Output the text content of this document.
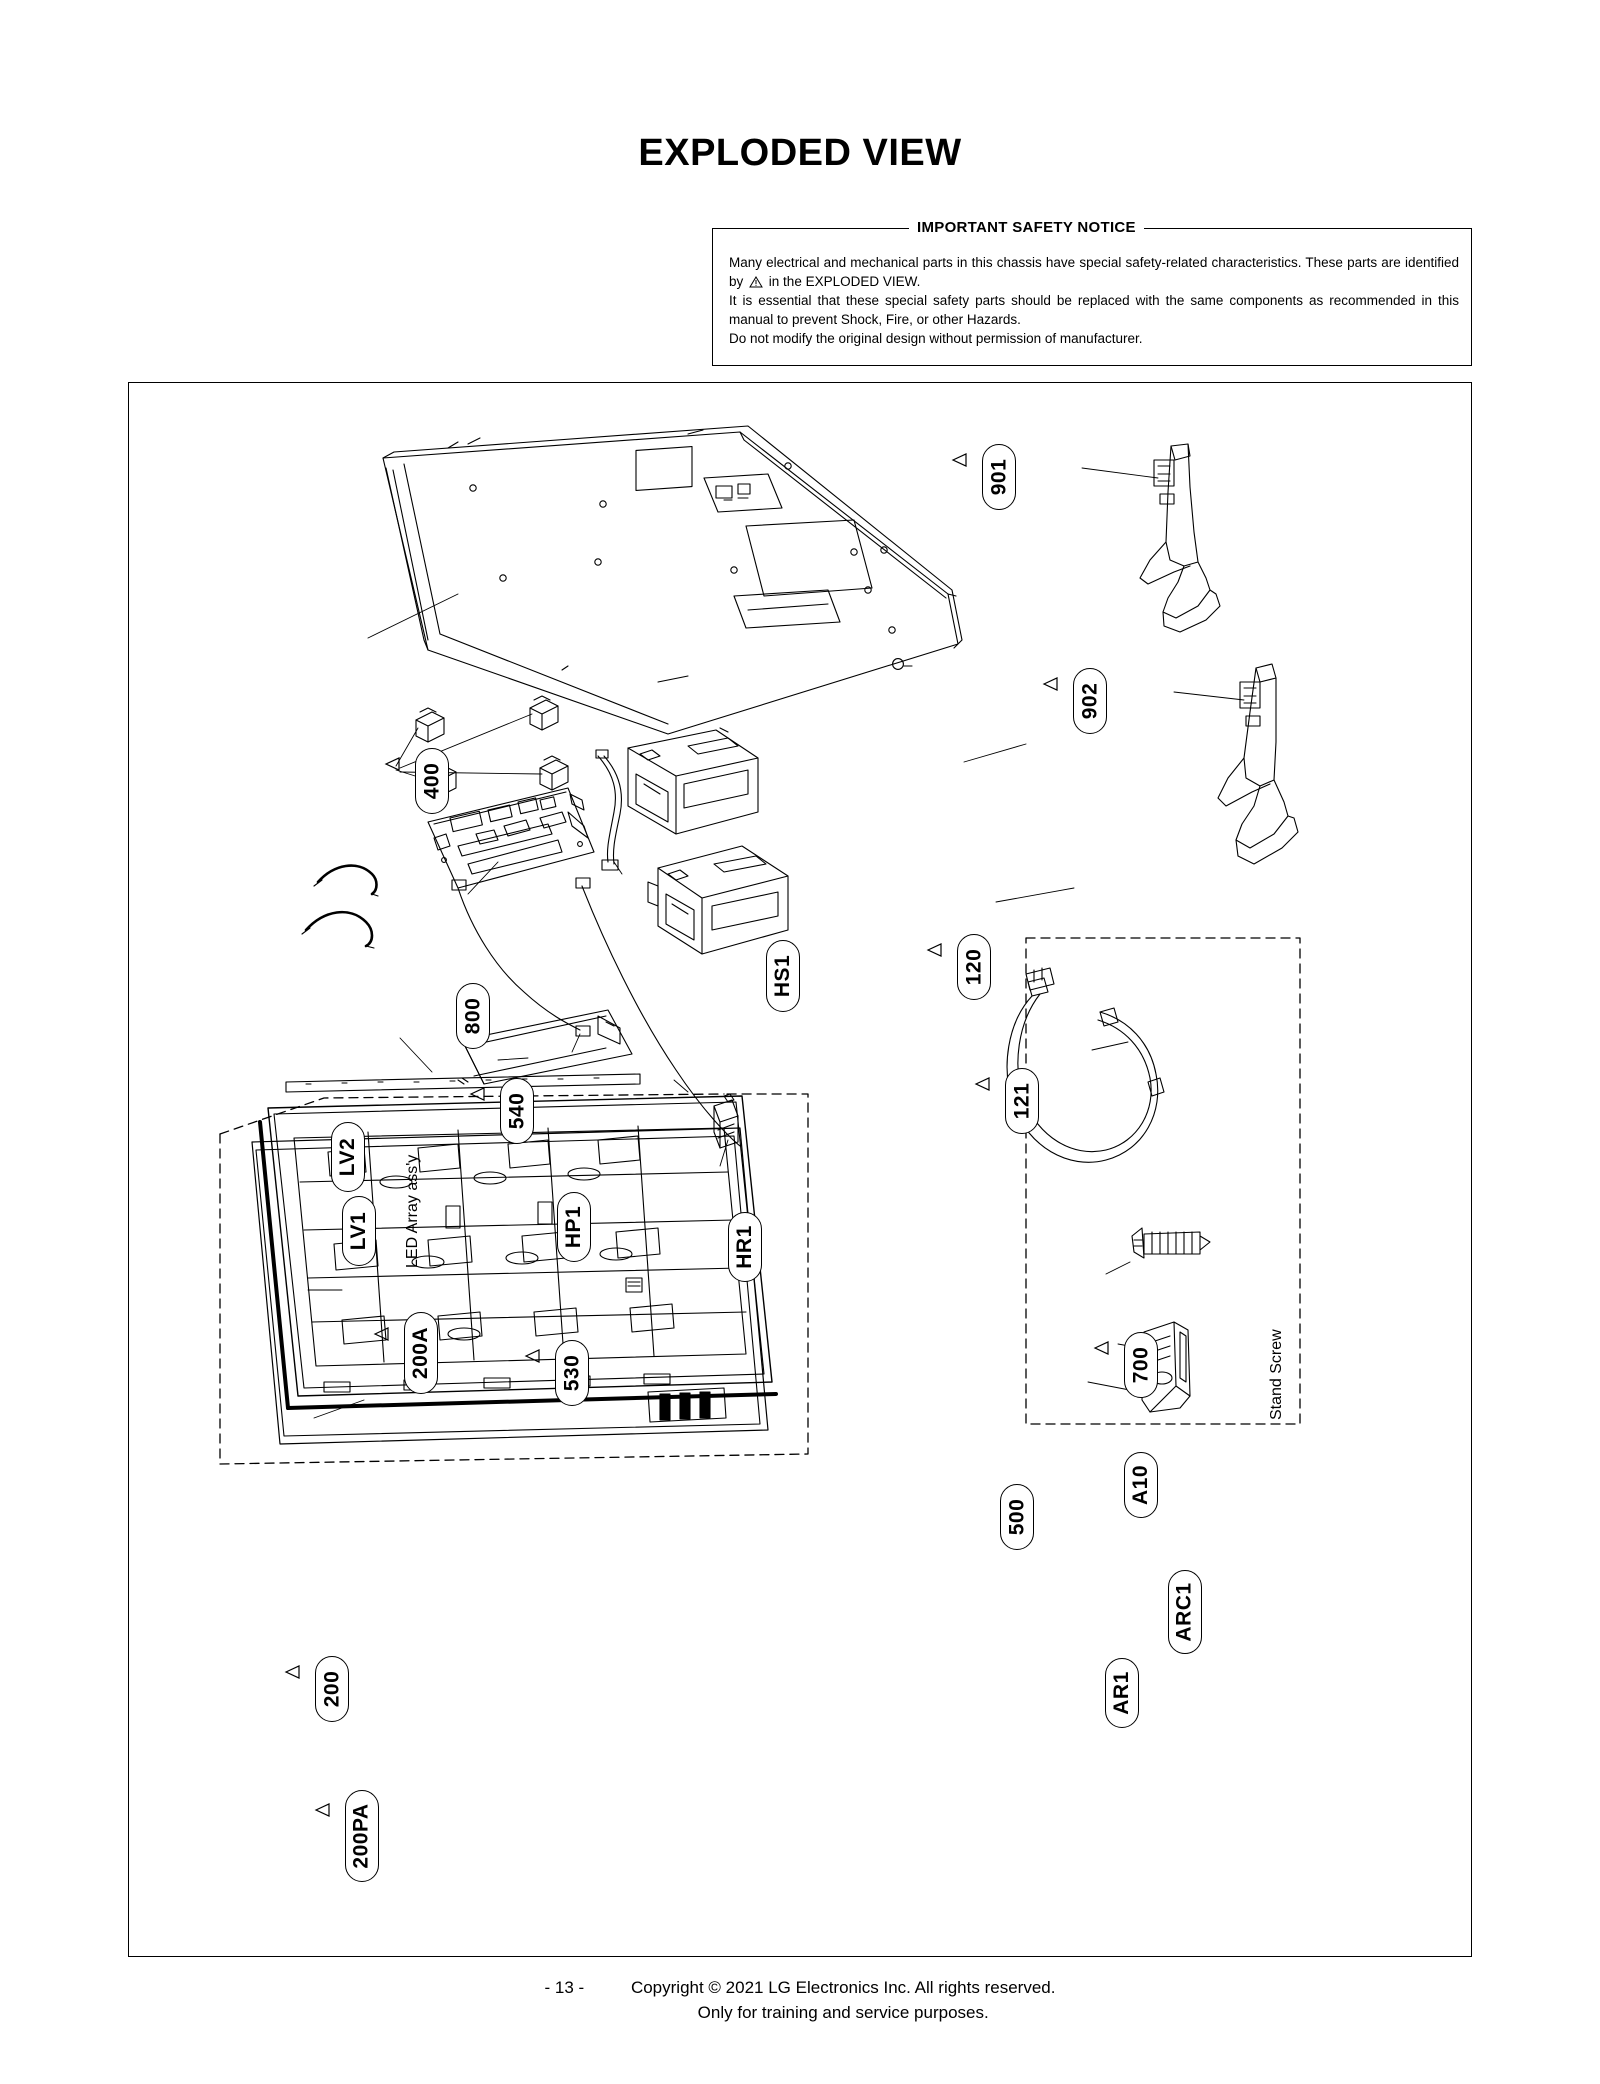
EXPLODED VIEW
IMPORTANT SAFETY NOTICE

Many electrical and mechanical parts in this chassis have special safety-related characteristics. These parts are identified by in the EXPLODED VIEW.

It is essential that these special safety parts should be replaced with the same components as recommended in this manual to prevent Shock, Fire, or other Hazards.

Do not modify the original design without permission of manufacturer.

901
902
400
800
HS1	120
121
540
LV2
LV1	HP1	HR1
200A
LED Array ass'y
530
500
200
200PA
700
A10
Stand Screw
ARC1
AR1
- 13 -	Copyright © 2021 LG Electronics Inc. All rights reserved.
Only for training and service purposes.
